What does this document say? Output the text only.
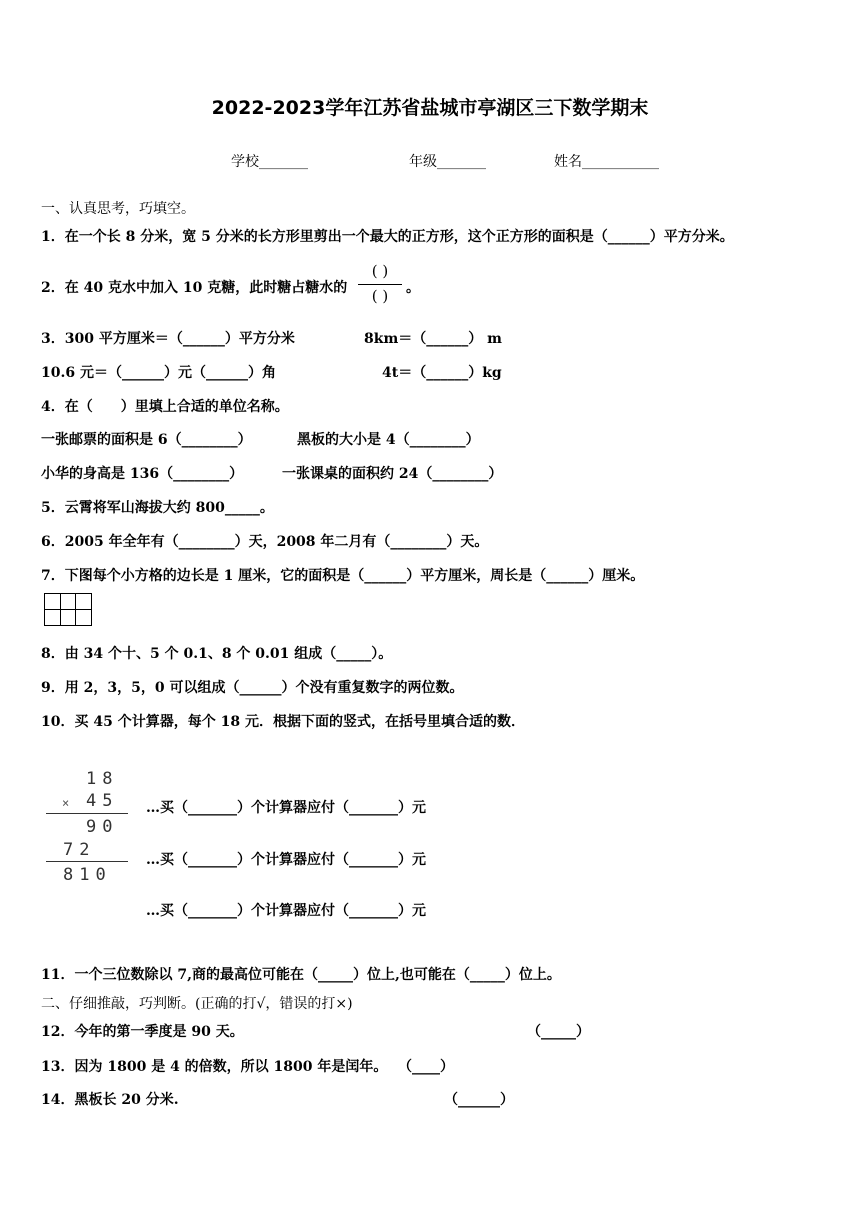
2022-2023学年江苏省盐城市亭湖区三下数学期末
学校_______	年级_______	姓名___________
一、认真思考，巧填空。
1．在一个长 8 分米，宽 5 分米的长方形里剪出一个最大的正方形，这个正方形的面积是（______）平方分米。
2．在 40 克水中加入 10 克糖，此时糖占糖水的
( )
( )	。
3．300 平方厘米＝（______）平方分米	8km＝（______） m
10.6 元＝（______）元（______）角	4t＝（______）kg
4．在（　　）里填上合适的单位名称。
一张邮票的面积是 6（________）	黑板的大小是 4（________）
小华的身高是 136（________）	一张课桌的面积约 24（________）
5．云霄将军山海拔大约 800_____。
6．2005 年全年有（________）天，2008 年二月有（________）天。
7．下图每个小方格的边长是 1 厘米，它的面积是（______）平方厘米，周长是（______）厘米。
8．由 34 个十、5 个 0.1、8 个 0.01 组成（_____）。
9．用 2，3，5，0 可以组成（______）个没有重复数字的两位数。
10．买 45 个计算器，每个 18 元．根据下面的竖式，在括号里填合适的数．
18
× 45
90
72
810
…买（_______）个计算器应付（_______）元
…买（_______）个计算器应付（_______）元
…买（_______）个计算器应付（_______）元
11．一个三位数除以 7,商的最高位可能在（_____）位上,也可能在（_____）位上。
二、仔细推敲，巧判断。(正确的打√，错误的打×)
12．今年的第一季度是 90 天。	（_____）
13．因为 1800 是 4 的倍数，所以 1800 年是闰年。 （____）
14．黑板长 20 分米.	（______）
